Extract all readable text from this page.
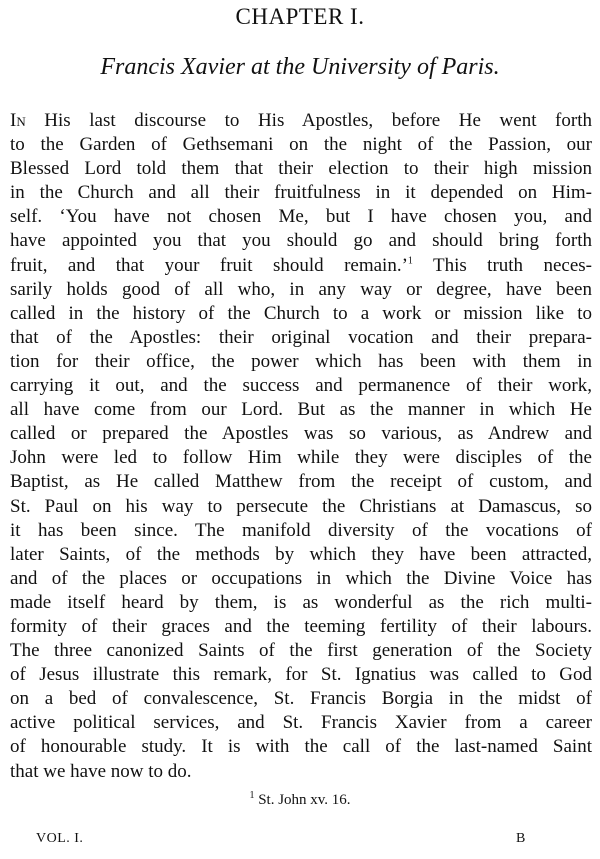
CHAPTER I.
Francis Xavier at the University of Paris.
In His last discourse to His Apostles, before He went forth
to the Garden of Gethsemani on the night of the Passion, our
Blessed Lord told them that their election to their high mission
in the Church and all their fruitfulness in it depended on Him-
self. ‘You have not chosen Me, but I have chosen you, and
have appointed you that you should go and should bring forth
fruit, and that your fruit should remain.’$^1$ This truth neces-
sarily holds good of all who, in any way or degree, have been
called in the history of the Church to a work or mission like to
that of the Apostles: their original vocation and their prepara-
tion for their office, the power which has been with them in
carrying it out, and the success and permanence of their work,
all have come from our Lord. But as the manner in which He
called or prepared the Apostles was so various, as Andrew and
John were led to follow Him while they were disciples of the
Baptist, as He called Matthew from the receipt of custom, and
St. Paul on his way to persecute the Christians at Damascus, so
it has been since. The manifold diversity of the vocations of
later Saints, of the methods by which they have been attracted,
and of the places or occupations in which the Divine Voice has
made itself heard by them, is as wonderful as the rich multi-
formity of their graces and the teeming fertility of their labours.
The three canonized Saints of the first generation of the Society
of Jesus illustrate this remark, for St. Ignatius was called to God
on a bed of convalescence, St. Francis Borgia in the midst of
active political services, and St. Francis Xavier from a career
of honourable study. It is with the call of the last-named Saint
that we have now to do.
$^1$ St. John xv. 16.
VOL. I.	B
